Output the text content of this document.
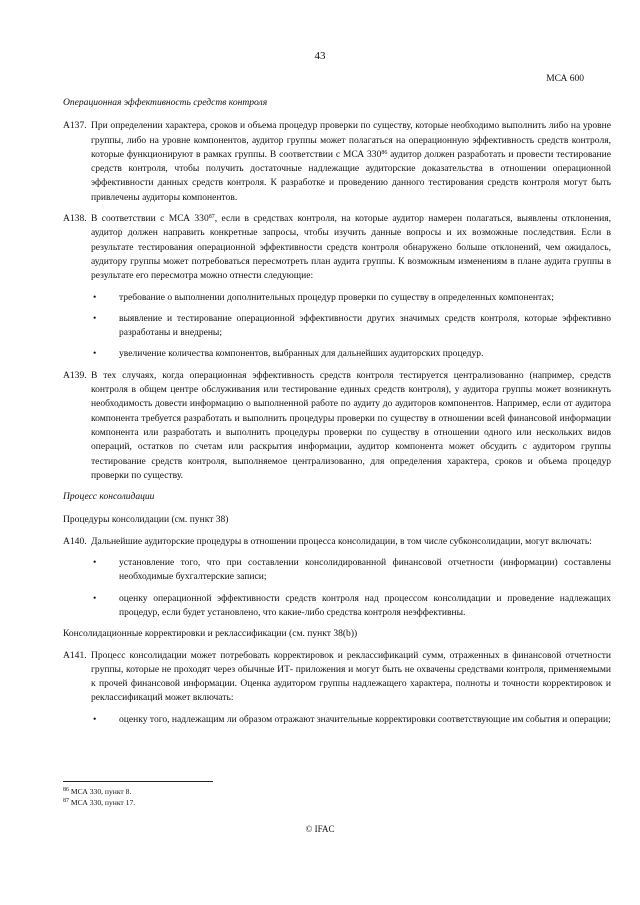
43
МСА 600

Операционная эффективность средств контроля

A137. При определении характера, сроков и объема процедур проверки по существу, которые необходимо выполнить либо на уровне группы, либо на уровне компонентов, аудитор группы может полагаться на операционную эффективность средств контроля, которые функционируют в рамках группы. В соответствии с МСА $330^{86}$ аудитор должен разработать и провести тестирование средств контроля, чтобы получить достаточные надлежащие аудиторские доказательства в отношении операционной эффективности данных средств контроля. К разработке и проведению данного тестирования средств контроля могут быть привлечены аудиторы компонентов.

A138. В соответствии с МСА $330^{87}$, если в средствах контроля, на которые аудитор намерен полагаться, выявлены отклонения, аудитор должен направить конкретные запросы, чтобы изучить данные вопросы и их возможные последствия. Если в результате тестирования операционной эффективности средств контроля обнаружено больше отклонений, чем ожидалось, аудитору группы может потребоваться пересмотреть план аудита группы. К возможным изменениям в плане аудита группы в результате его пересмотра можно отнести следующие:

• требование о выполнении дополнительных процедур проверки по существу в определенных компонентах;

• выявление и тестирование операционной эффективности других значимых средств контроля, которые эффективно разработаны и внедрены;

• увеличение количества компонентов, выбранных для дальнейших аудиторских процедур.

A139. В тех случаях, когда операционная эффективность средств контроля тестируется централизованно (например, средств контроля в общем центре обслуживания или тестирование единых средств контроля), у аудитора группы может возникнуть необходимость довести информацию о выполненной работе по аудиту до аудиторов компонентов. Например, если от аудитора компонента требуется разработать и выполнить процедуры проверки по существу в отношении всей финансовой информации компонента или разработать и выполнить процедуры проверки по существу в отношении одного или нескольких видов операций, остатков по счетам или раскрытия информации, аудитор компонента может обсудить с аудитором группы тестирование средств контроля, выполняемое централизованно, для определения характера, сроков и объема процедур проверки по существу.

Процесс консолидации

Процедуры консолидации (см. пункт 38)

A140. Дальнейшие аудиторские процедуры в отношении процесса консолидации, в том числе субконсолидации, могут включать:

• установление того, что при составлении консолидированной финансовой отчетности (информации) составлены необходимые бухгалтерские записи;

• оценку операционной эффективности средств контроля над процессом консолидации и проведение надлежащих процедур, если будет установлено, что какие-либо средства контроля неэффективны.

Консолидационные корректировки и реклассификации (см. пункт 38(b))

A141. Процесс консолидации может потребовать корректировок и реклассификаций сумм, отраженных в финансовой отчетности группы, которые не проходят через обычные ИТ- приложения и могут быть не охвачены средствами контроля, применяемыми к прочей финансовой информации. Оценка аудитором группы надлежащего характера, полноты и точности корректировок и реклассификаций может включать:

• оценку того, надлежащим ли образом отражают значительные корректировки соответствующие им события и операции;

$^{86}$ МСА 330, пункт 8.
$^{87}$ МСА 330, пункт 17.
© IFAC
